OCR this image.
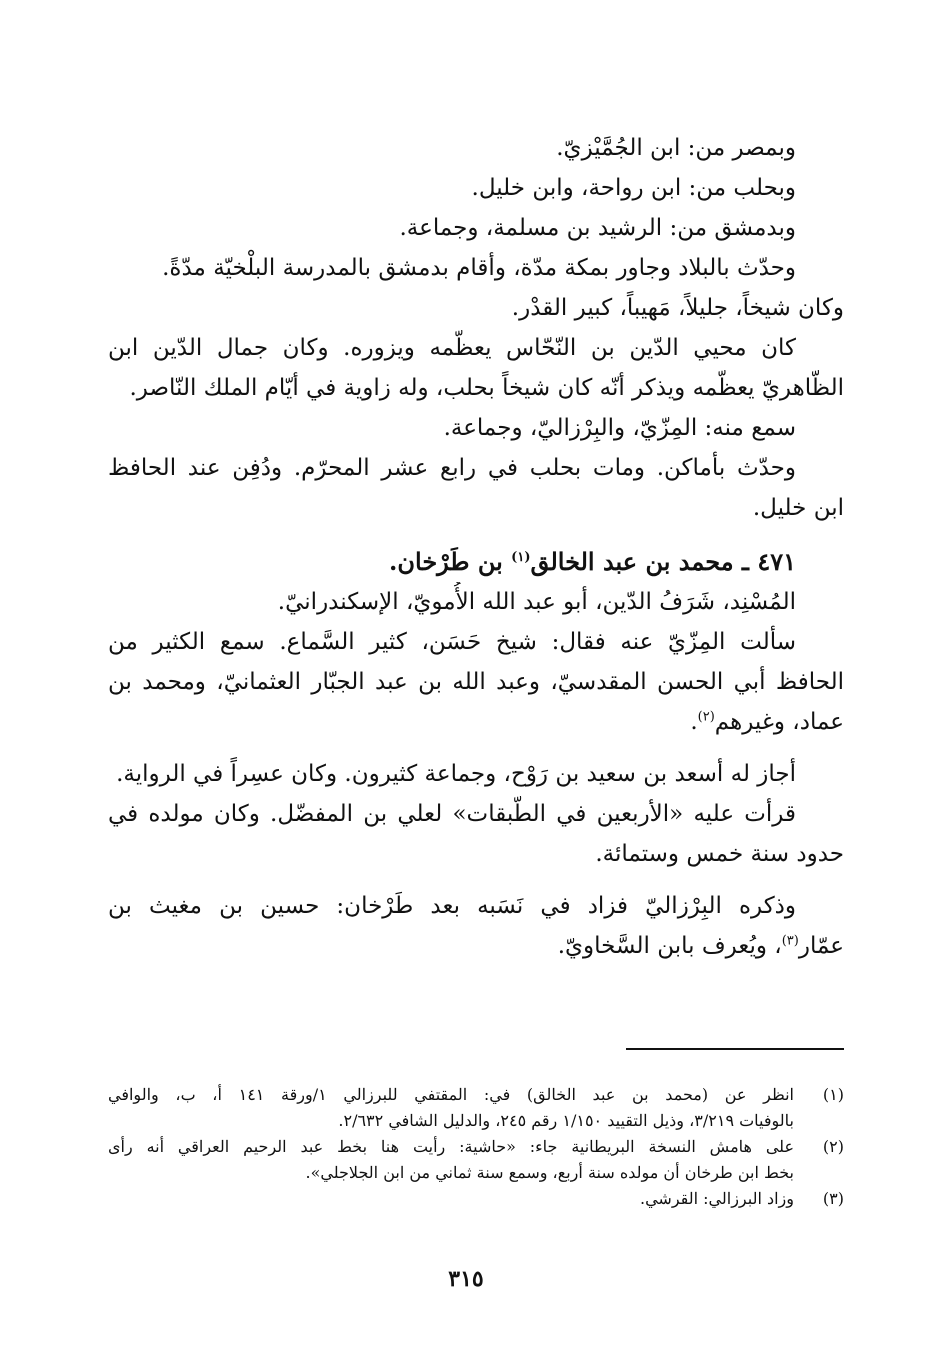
وبمصر من: ابن الجُمَّيْزيّ.
وبحلب من: ابن رواحة، وابن خليل.
وبدمشق من: الرشيد بن مسلمة، وجماعة.
وحدّث بالبلاد وجاور بمكة مدّة، وأقام بدمشق بالمدرسة البلْخيّة مدّةً.
وكان شيخاً، جليلاً، مَهيباً، كبير القدْر.
كان محيي الدّين بن النّحّاس يعظّمه ويزوره. وكان جمال الدّين ابن
الظّاهريّ يعظّمه ويذكر أنّه كان شيخاً بحلب، وله زاوية في أيّام الملك النّاصر.
سمع منه: المِزّيّ، والبِرْزاليّ، وجماعة.
وحدّث بأماكن. ومات بحلب في رابع عشر المحرّم. ودُفِن عند الحافظ
ابن خليل.
٤٧١ ـ محمد بن عبد الخالق$^{(١)}$ بن طَرْخان.
المُسْنِد، شَرَفُ الدّين، أبو عبد الله الأُمويّ، الإسكندرانيّ.
سألت المِزّيّ عنه فقال: شيخ حَسَن، كثير السَّماع. سمع الكثير من
الحافظ أبي الحسن المقدسيّ، وعبد الله بن عبد الجبّار العثمانيّ، ومحمد بن
عماد، وغيرهم$^{(٢)}$.
أجاز له أسعد بن سعيد بن رَوْح، وجماعة كثيرون. وكان عسِراً في الرواية.
قرأت عليه «الأربعين في الطّبقات» لعلي بن المفضّل. وكان مولده في
حدود سنة خمس وستمائة.
وذكره البِرْزاليّ فزاد في نَسَبه بعد طَرْخان: حسين بن مغيث بن
عمّار$^{(٣)}$، ويُعرف بابن السَّخاويّ.
(١)
انظر عن (محمد بن عبد الخالق) في: المقتفي للبرزالي ١/ورقة ١٤١ أ، ب، والوافي
بالوفيات ٣/٢١٩، وذيل التقييد ١/١٥٠ رقم ٢٤٥، والدليل الشافي ٢/٦٣٢.
(٢)
على هامش النسخة البريطانية جاء: «حاشية: رأيت هنا بخط عبد الرحيم العراقي أنه رأى
بخط ابن طرخان أن مولده سنة أربع، وسمع سنة ثماني من ابن الجلاجلي».
(٣)
وزاد البرزالي: القرشي.
٣١٥
